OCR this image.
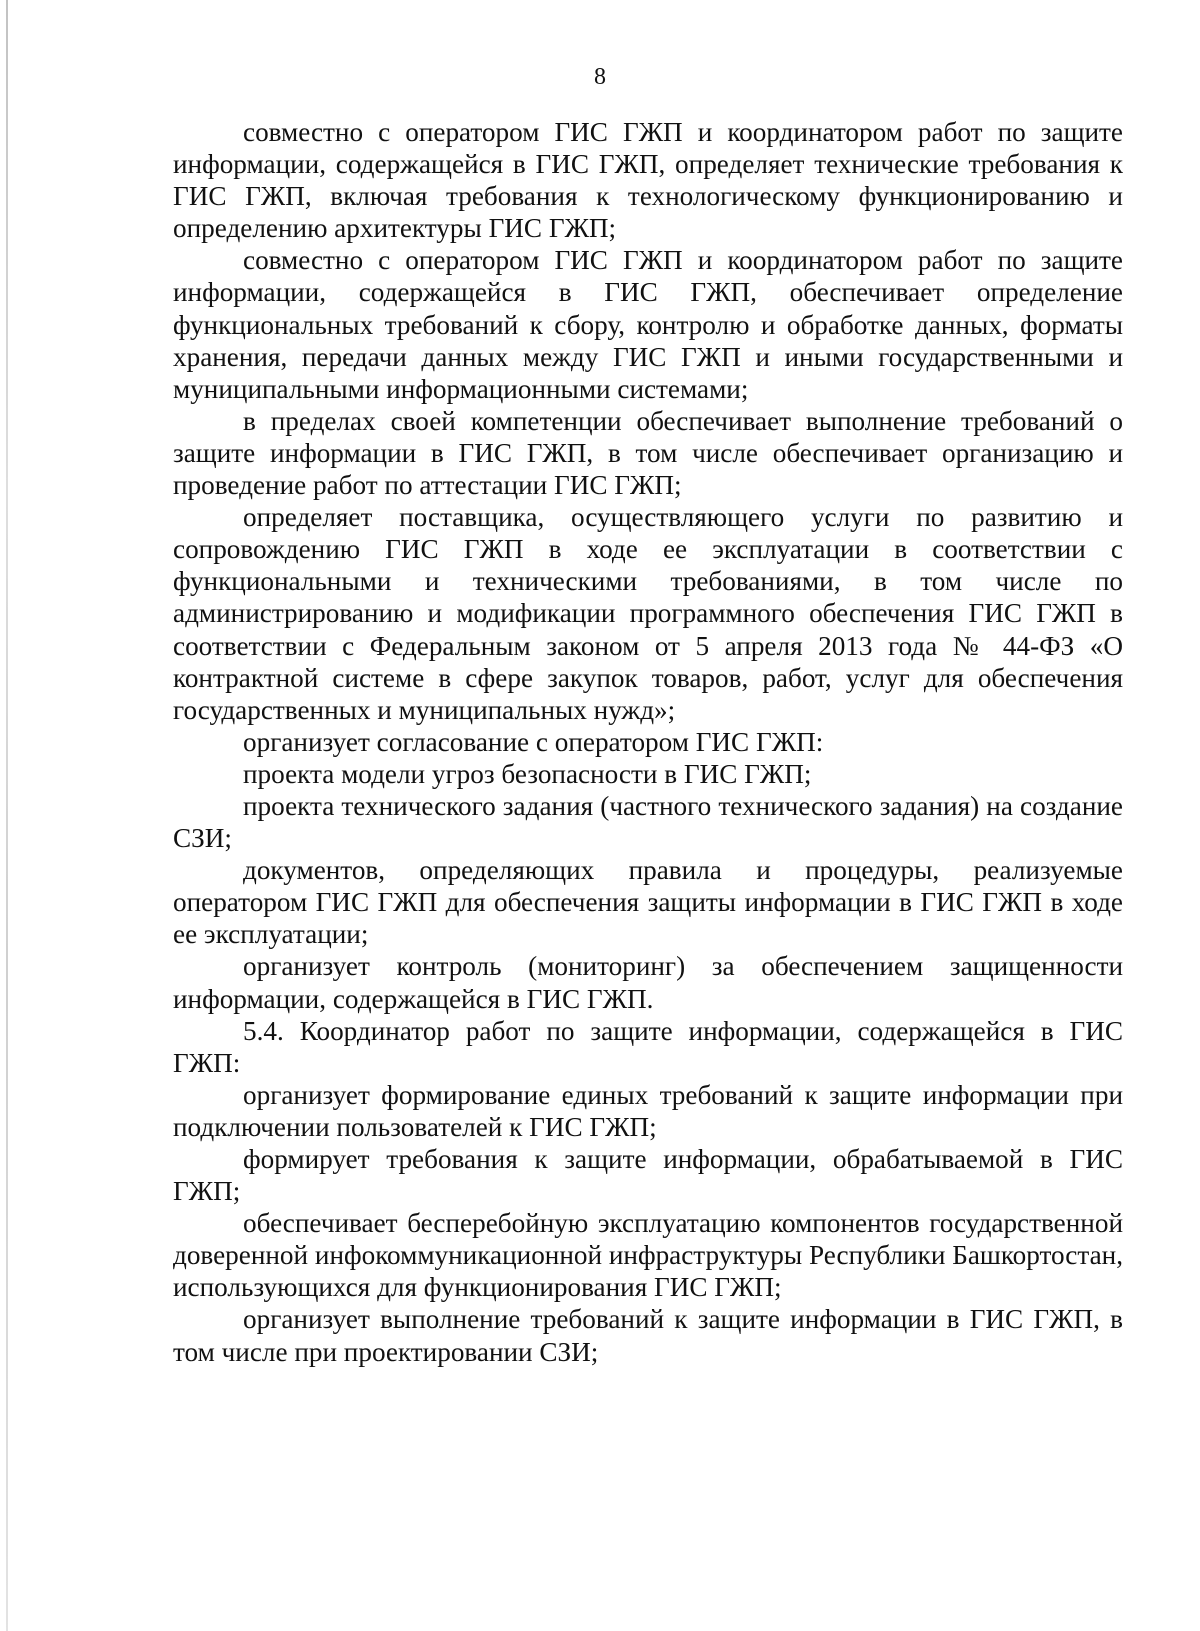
8

совместно с оператором ГИС ГЖП и координатором работ по защите информации, содержащейся в ГИС ГЖП, определяет технические требования к ГИС ГЖП, включая требования к технологическому функционированию и определению архитектуры ГИС ГЖП;

совместно с оператором ГИС ГЖП и координатором работ по защите информации, содержащейся в ГИС ГЖП, обеспечивает определение функциональных требований к сбору, контролю и обработке данных, форматы хранения, передачи данных между ГИС ГЖП и иными государственными и муниципальными информационными системами;

в пределах своей компетенции обеспечивает выполнение требований о защите информации в ГИС ГЖП, в том числе обеспечивает организацию и проведение работ по аттестации ГИС ГЖП;

определяет поставщика, осуществляющего услуги по развитию и сопровождению ГИС ГЖП в ходе ее эксплуатации в соответствии с функциональными и техническими требованиями, в том числе по администрированию и модификации программного обеспечения ГИС ГЖП в соответствии с Федеральным законом от 5 апреля 2013 года № 44-ФЗ «О контрактной системе в сфере закупок товаров, работ, услуг для обеспечения государственных и муниципальных нужд»;

организует согласование с оператором ГИС ГЖП:

проекта модели угроз безопасности в ГИС ГЖП;

проекта технического задания (частного технического задания) на создание СЗИ;

документов, определяющих правила и процедуры, реализуемые оператором ГИС ГЖП для обеспечения защиты информации в ГИС ГЖП в ходе ее эксплуатации;

организует контроль (мониторинг) за обеспечением защищенности информации, содержащейся в ГИС ГЖП.

5.4. Координатор работ по защите информации, содержащейся в ГИС ГЖП:

организует формирование единых требований к защите информации при подключении пользователей к ГИС ГЖП;

формирует требования к защите информации, обрабатываемой в ГИС ГЖП;

обеспечивает бесперебойную эксплуатацию компонентов государственной доверенной инфокоммуникационной инфраструктуры Республики Башкортостан, использующихся для функционирования ГИС ГЖП;

организует выполнение требований к защите информации в ГИС ГЖП, в том числе при проектировании СЗИ;
